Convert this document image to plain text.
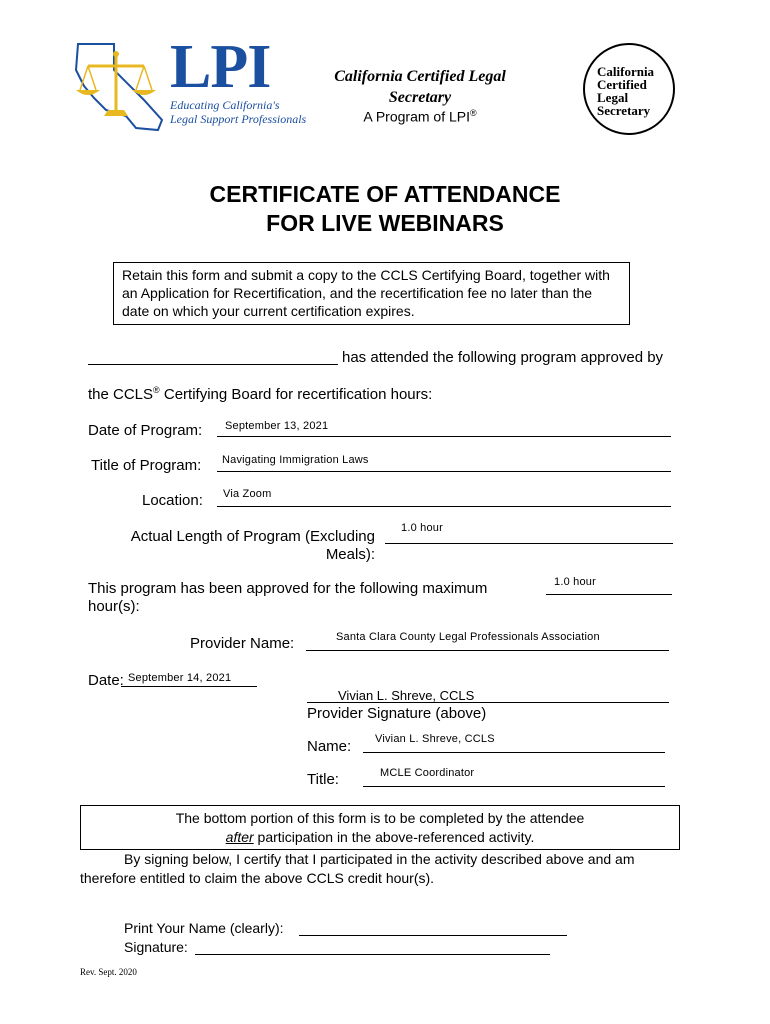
LPI
Educating California's
Legal Support Professionals
California Certified Legal
Secretary
A Program of LPI®
California
Certified
Legal
Secretary
CERTIFICATE OF ATTENDANCE
FOR LIVE WEBINARS
Retain this form and submit a copy to the CCLS Certifying Board, together with an Application for Recertification, and the recertification fee no later than the date on which your current certification expires.
has attended the following program approved by
the CCLS® Certifying Board for recertification hours:
Date of Program: September 13, 2021
Title of Program: Navigating Immigration Laws
Location: Via Zoom
Actual Length of Program (Excluding
Meals):
1.0 hour
This program has been approved for the following maximum
hour(s):
1.0 hour
Provider Name:	Santa Clara County Legal Professionals Association
Date: September 14, 2021
Vivian L. Shreve, CCLS
Provider Signature (above)
Name: Vivian L. Shreve, CCLS
Title:	MCLE Coordinator
The bottom portion of this form is to be completed by the attendee
after participation in the above-referenced activity.
By signing below, I certify that I participated in the activity described above and am
therefore entitled to claim the above CCLS credit hour(s).
Print Your Name (clearly):
Signature:
Rev. Sept. 2020
